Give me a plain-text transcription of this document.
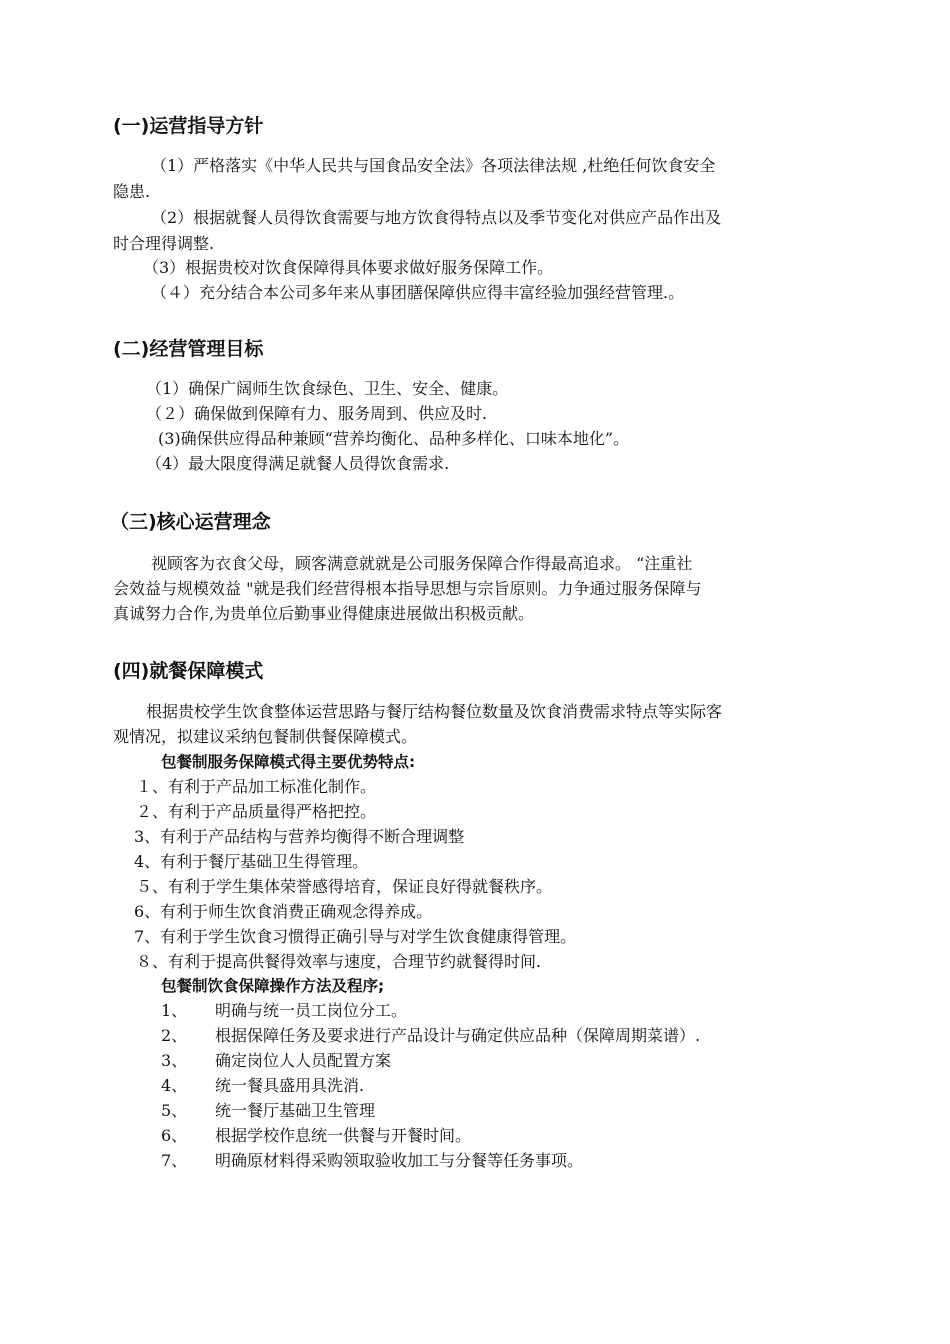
(一)运营指导方针
（1）严格落实《中华人民共与国食品安全法》各项法律法规 ,杜绝任何饮食安全
隐患.
（2）根据就餐人员得饮食需要与地方饮食得特点以及季节变化对供应产品作出及
时合理得调整.
（3）根据贵校对饮食保障得具体要求做好服务保障工作。
（４）充分结合本公司多年来从事团膳保障供应得丰富经验加强经营管理.。
(二)经营管理目标
（1）确保广阔师生饮食绿色、卫生、安全、健康。
（２）确保做到保障有力、服务周到、供应及时.
(3)确保供应得品种兼顾“营养均衡化、品种多样化、口味本地化”。
（4）最大限度得满足就餐人员得饮食需求.
（三)核心运营理念
视顾客为衣食父母，顾客满意就就是公司服务保障合作得最高追求。 “注重社
会效益与规模效益 "就是我们经营得根本指导思想与宗旨原则。力争通过服务保障与
真诚努力合作,为贵单位后勤事业得健康进展做出积极贡献。
(四)就餐保障模式
根据贵校学生饮食整体运营思路与餐厅结构餐位数量及饮食消费需求特点等实际客
观情况，拟建议采纳包餐制供餐保障模式。
包餐制服务保障模式得主要优势特点:
１、有利于产品加工标准化制作。
２、有利于产品质量得严格把控。
3、有利于产品结构与营养均衡得不断合理调整
4、有利于餐厅基础卫生得管理。
５、有利于学生集体荣誉感得培育，保证良好得就餐秩序。
6、有利于师生饮食消费正确观念得养成。
7、有利于学生饮食习惯得正确引导与对学生饮食健康得管理。
８、有利于提高供餐得效率与速度，合理节约就餐得时间.
包餐制饮食保障操作方法及程序;
1、 明确与统一员工岗位分工。
2、 根据保障任务及要求进行产品设计与确定供应品种（保障周期菜谱）.
3、 确定岗位人人员配置方案
4、 统一餐具盛用具洗消.
5、 统一餐厅基础卫生管理
6、 根据学校作息统一供餐与开餐时间。
7、 明确原材料得采购领取验收加工与分餐等任务事项。
